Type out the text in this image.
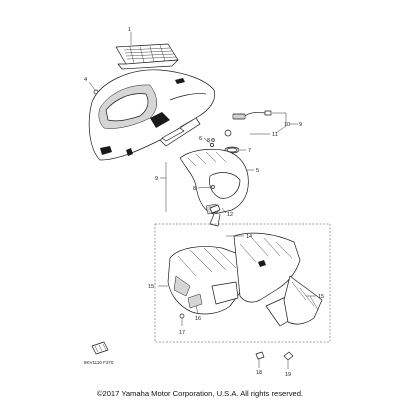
1
4
10 9
11
6 8
7
5
9
8
12
14
15
15
16
17
18	19
8KV1110 F370
©2017 Yamaha Motor Corporation, U.S.A. All rights reserved.
